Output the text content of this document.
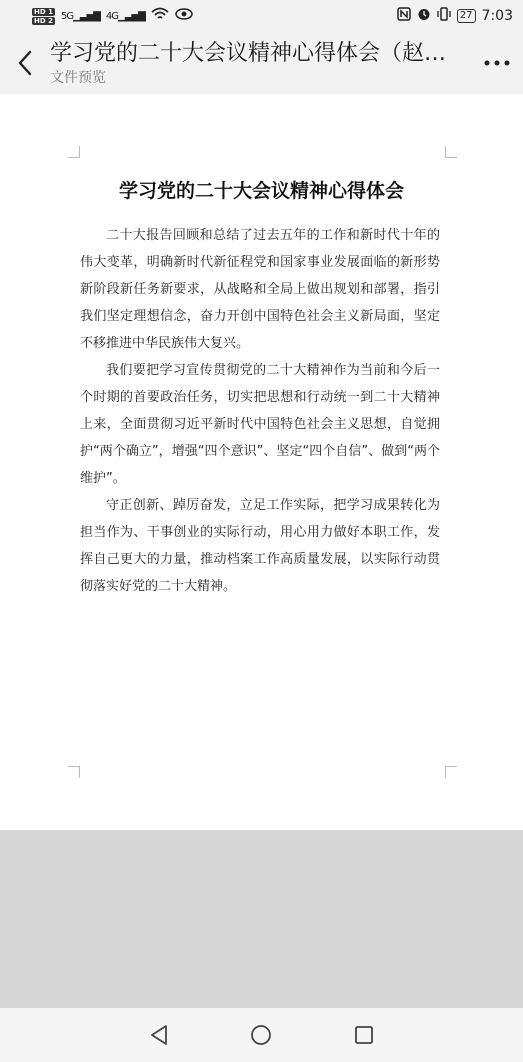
HD 1
HD 2 5G▁▃▅▇ 4G▁▃▅▇	27 7:03
学习党的二十大会议精神心得体会（赵…
文件预览
学习党的二十大会议精神心得体会

二十大报告回顾和总结了过去五年的工作和新时代十年的伟大变革，明确新时代新征程党和国家事业发展面临的新形势新阶段新任务新要求，从战略和全局上做出规划和部署，指引我们坚定理想信念，奋力开创中国特色社会主义新局面，坚定不移推进中华民族伟大复兴。

我们要把学习宣传贯彻党的二十大精神作为当前和今后一个时期的首要政治任务，切实把思想和行动统一到二十大精神上来，全面贯彻习近平新时代中国特色社会主义思想，自觉拥护“两个确立”，增强“四个意识”、坚定“四个自信”、做到“两个维护”。

守正创新、踔厉奋发，立足工作实际，把学习成果转化为担当作为、干事创业的实际行动，用心用力做好本职工作，发挥自己更大的力量，推动档案工作高质量发展，以实际行动贯彻落实好党的二十大精神。
